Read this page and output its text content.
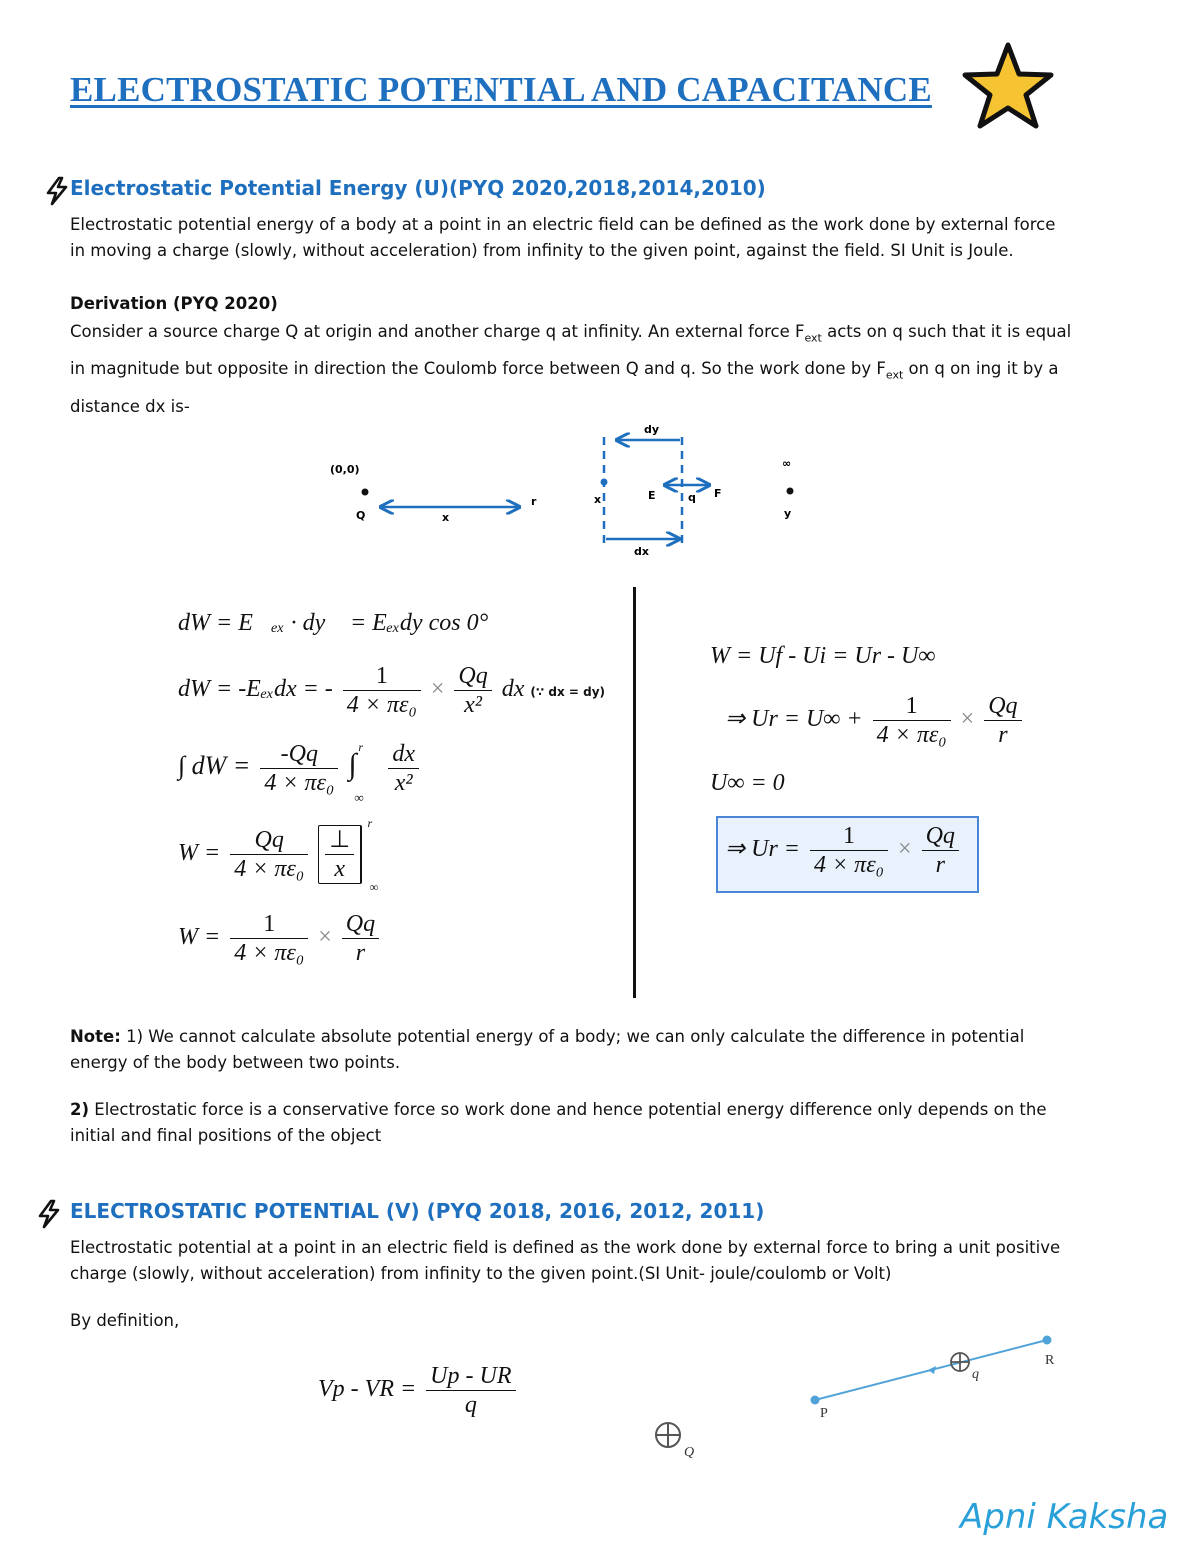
ELECTROSTATIC POTENTIAL AND CAPACITANCE
Electrostatic Potential Energy (U)(PYQ 2020,2018,2014,2010)
Electrostatic potential energy of a body at a point in an electric field can be defined as the work done by external force
in moving a charge (slowly, without acceleration) from infinity to the given point, against the field. SI Unit is Joule.
Derivation (PYQ 2020)
Consider a source charge Q at origin and another charge q at infinity. An external force $F_{ext}$ acts on q such that it is equal
in magnitude but opposite in direction the Coulomb force between Q and q. So the work done by $F_{ext}$ on q on ing it by a
distance dx is-
(0,0)
Q	x
r
dy
dx
x	E	q F
∞
y
dW = E⃗ₑₓ · dy⃗ = Eₑₓdy cos 0°
dW = -Eₑₓdx = - $\frac{1}{\text{4 × πε₀}} \times \frac{Qq}{\text{x²}}$ dx (∵ dx = dy)
∫ dW = $\frac{-Qq}{\text{4 × πε₀}}$ ∫
r
∞

$\frac{dx}{\text{x²}}$
$W = \frac{Qq}{\text{4 × πε₀}}$
$\frac{\perp}{x}$
r
∞
$W = \frac{1}{\text{4 × πε₀}} \times \frac{Qq}{r}$
W = Uf - Ui = Ur - U∞
⇒ $Ur = U\infty + \frac{1}{\text{4 × πε₀}} \times \frac{Qq}{r}$
U∞ = 0
⇒ $Ur = \frac{1}{\text{4 × πε₀}} \times \frac{Qq}{r}$
Note: 1) We cannot calculate absolute potential energy of a body; we can only calculate the difference in potential
energy of the body between two points.
2) Electrostatic force is a conservative force so work done and hence potential energy difference only depends on the
initial and final positions of the object
ELECTROSTATIC POTENTIAL (V) (PYQ 2018, 2016, 2012, 2011)
Electrostatic potential at a point in an electric field is defined as the work done by external force to bring a unit positive
charge (slowly, without acceleration) from infinity to the given point.(SI Unit- joule/coulomb or Volt)
By definition,
Vp - VR = $\frac{Up - UR}{q}$
Q
q
P
R
Apni Kaksha
